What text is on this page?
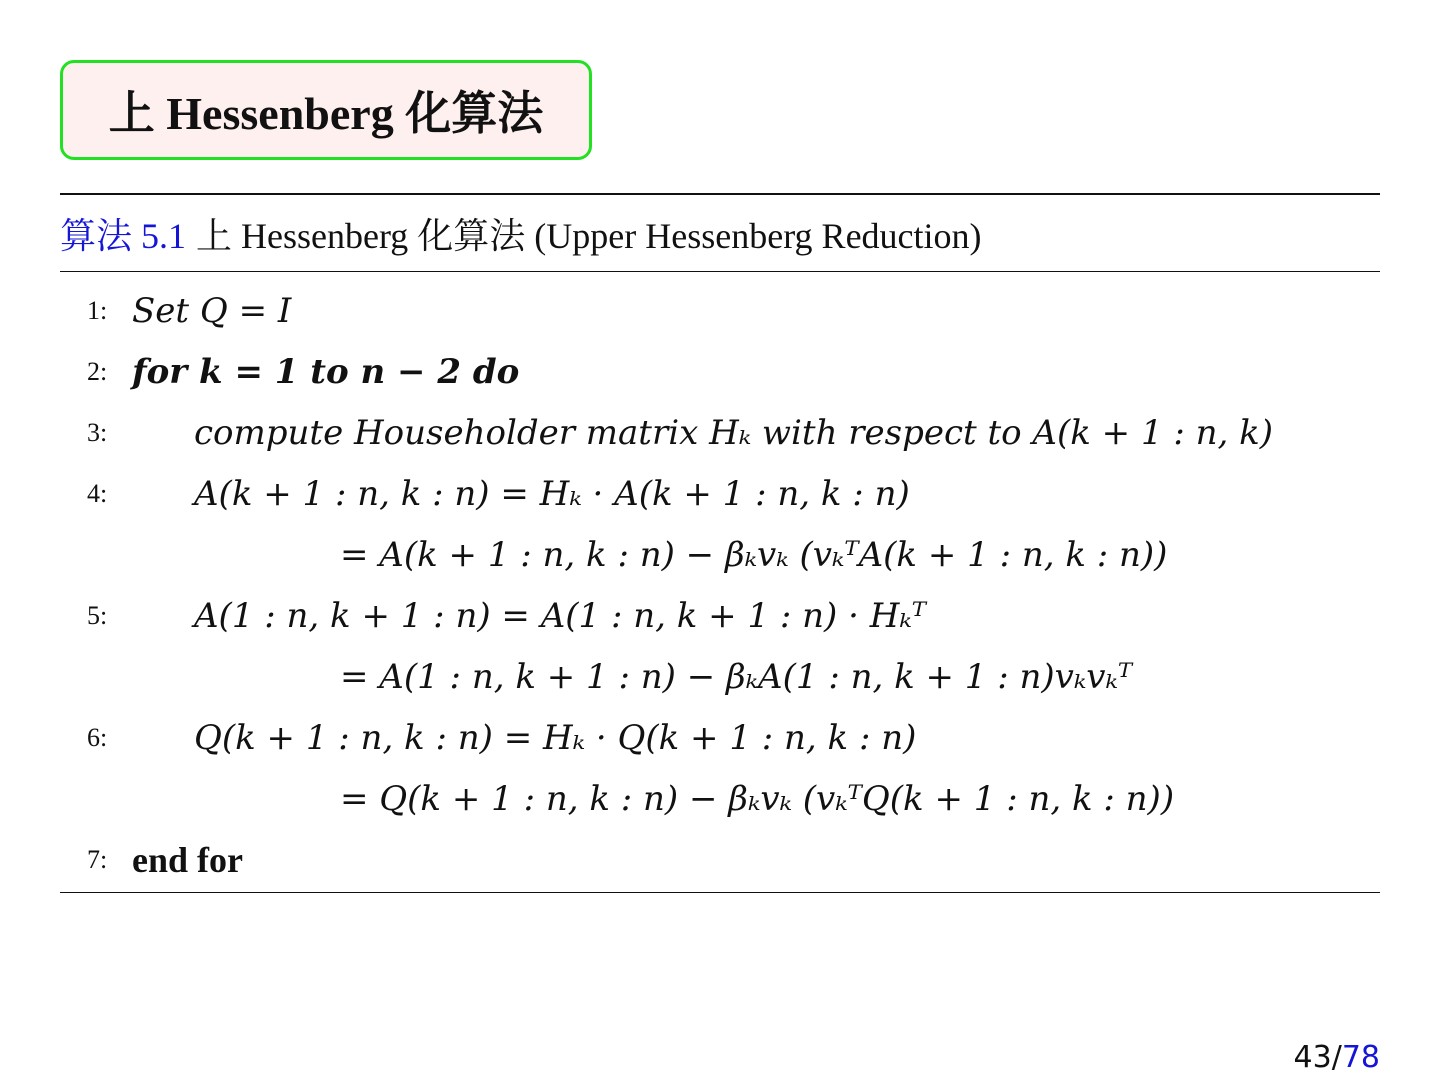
上 Hessenberg 化算法
算法 5.1 上 Hessenberg 化算法 (Upper Hessenberg Reduction)
1: Set Q = I
2: for k = 1 to n − 2 do
3:	compute Householder matrix Hₖ with respect to A(k + 1 : n, k)
4:	A(k + 1 : n, k : n) = Hₖ · A(k + 1 : n, k : n)
= A(k + 1 : n, k : n) − βₖvₖ (vₖᵀA(k + 1 : n, k : n))
5:	A(1 : n, k + 1 : n) = A(1 : n, k + 1 : n) · Hₖᵀ
= A(1 : n, k + 1 : n) − βₖA(1 : n, k + 1 : n)vₖvₖᵀ
6:	Q(k + 1 : n, k : n) = Hₖ · Q(k + 1 : n, k : n)
= Q(k + 1 : n, k : n) − βₖvₖ (vₖᵀQ(k + 1 : n, k : n))
7: end for
43/78
